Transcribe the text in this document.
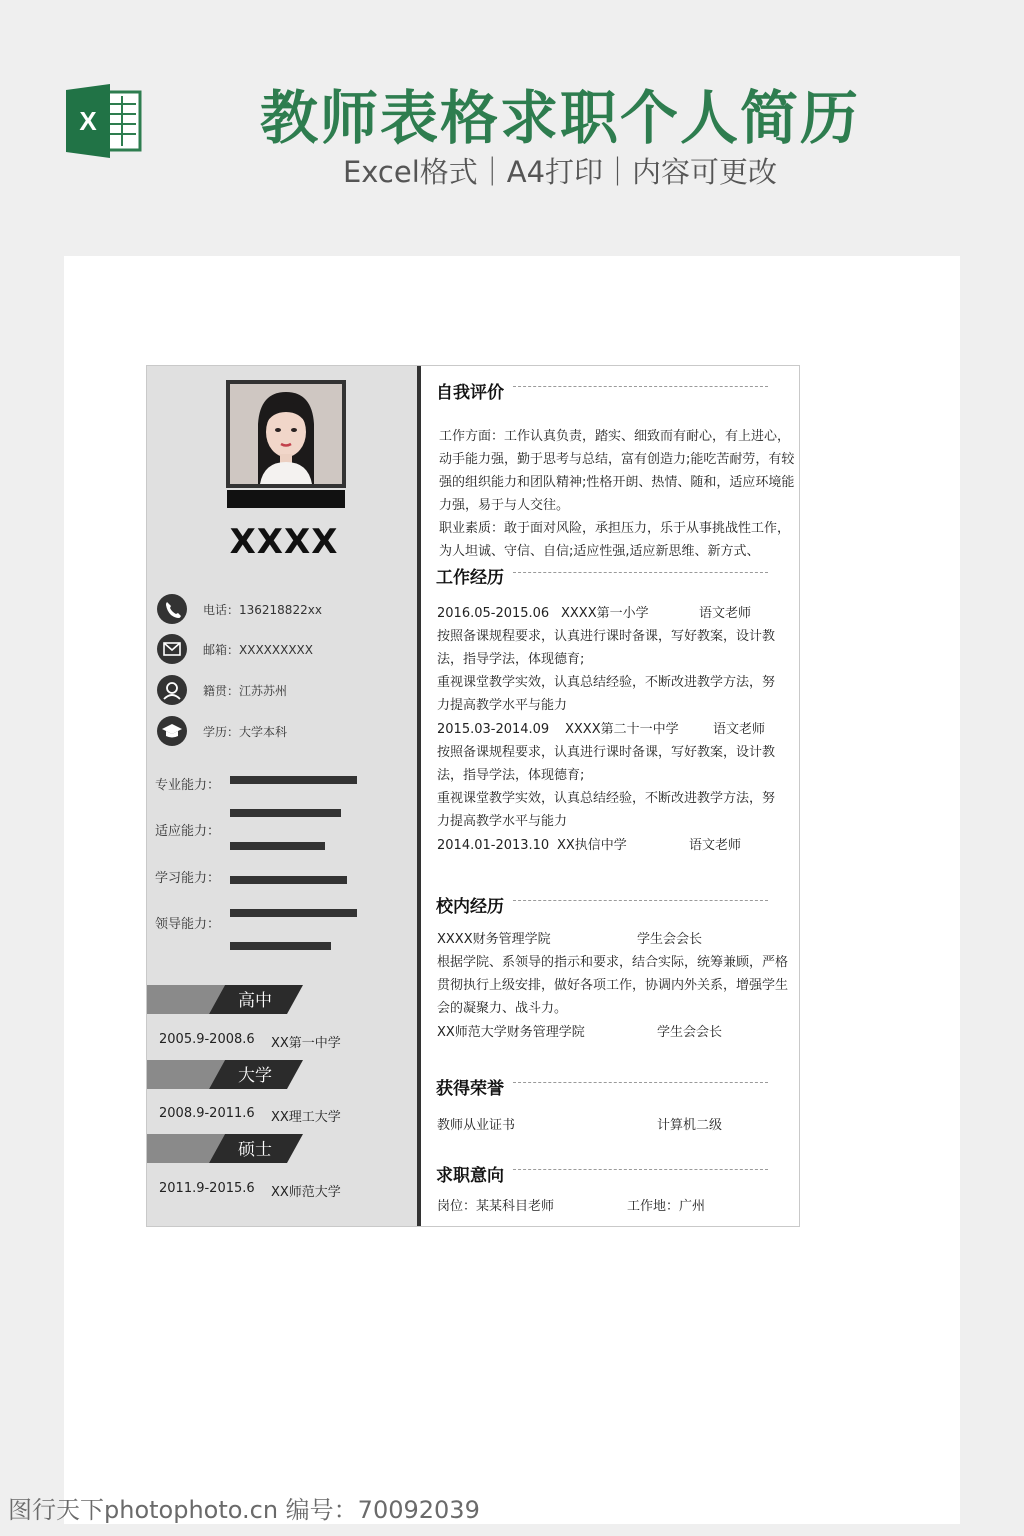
X	教师表格求职个人简历
Excel格式｜A4打印｜内容可更改
XXXX
电话：136218822xx
邮箱：XXXXXXXXX
籍贯：江苏苏州
学历：大学本科
专业能力：
适应能力：
学习能力：
领导能力：
高中
2005.9-2008.6 XX第一中学
大学
2008.9-2011.6 XX理工大学
硕士
2011.9-2015.6 XX师范大学
自我评价
工作方面：工作认真负责，踏实、细致而有耐心，有上进心，动手能力强，勤于思考与总结，富有创造力;能吃苦耐劳，有较强的组织能力和团队精神;性格开朗、热情、随和，适应环境能力强，易于与人交往。
职业素质：敢于面对风险，承担压力，乐于从事挑战性工作，为人坦诚、守信、自信;适应性强,适应新思维、新方式、
工作经历
2016.05-2015.06 XXXX第一小学	语文老师
按照备课规程要求，认真进行课时备课，写好教案，设计教法，指导学法，体现德育;
重视课堂教学实效，认真总结经验，不断改进教学方法，努力提高教学水平与能力
2015.03-2014.09 XXXX第二十一中学	语文老师
按照备课规程要求，认真进行课时备课，写好教案，设计教法，指导学法，体现德育;
重视课堂教学实效，认真总结经验，不断改进教学方法，努力提高教学水平与能力
2014.01-2013.10 XX执信中学	语文老师
校内经历
XXXX财务管理学院	学生会会长
根据学院、系领导的指示和要求，结合实际，统筹兼顾，严格贯彻执行上级安排，做好各项工作，协调内外关系，增强学生会的凝聚力、战斗力。
XX师范大学财务管理学院	学生会会长
获得荣誉
教师从业证书	计算机二级
求职意向
岗位：某某科目老师	工作地：广州
图行天下photophoto.cn 编号：70092039
